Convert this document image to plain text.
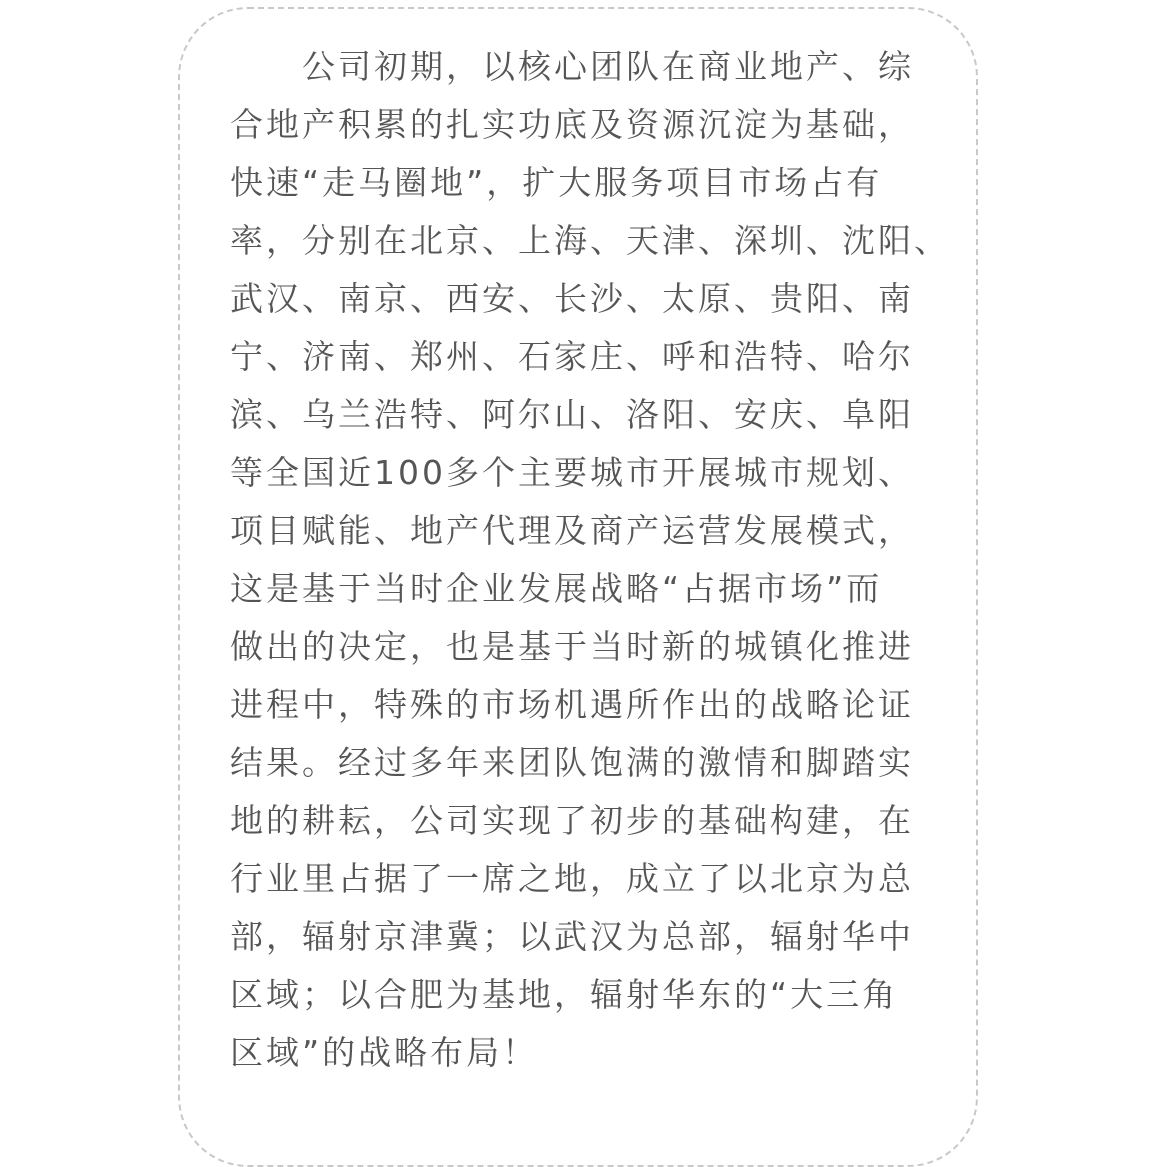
　　公司初期，以核心团队在商业地产、综
合地产积累的扎实功底及资源沉淀为基础，
快速“走马圈地”，扩大服务项目市场占有
率，分别在北京、上海、天津、深圳、沈阳、
武汉、南京、西安、长沙、太原、贵阳、南
宁、济南、郑州、石家庄、呼和浩特、哈尔
滨、乌兰浩特、阿尔山、洛阳、安庆、阜阳
等全国近100多个主要城市开展城市规划、
项目赋能、地产代理及商产运营发展模式，
这是基于当时企业发展战略“占据市场”而
做出的决定，也是基于当时新的城镇化推进
进程中，特殊的市场机遇所作出的战略论证
结果。经过多年来团队饱满的激情和脚踏实
地的耕耘，公司实现了初步的基础构建，在
行业里占据了一席之地，成立了以北京为总
部，辐射京津冀；以武汉为总部，辐射华中
区域；以合肥为基地，辐射华东的“大三角
区域”的战略布局！
